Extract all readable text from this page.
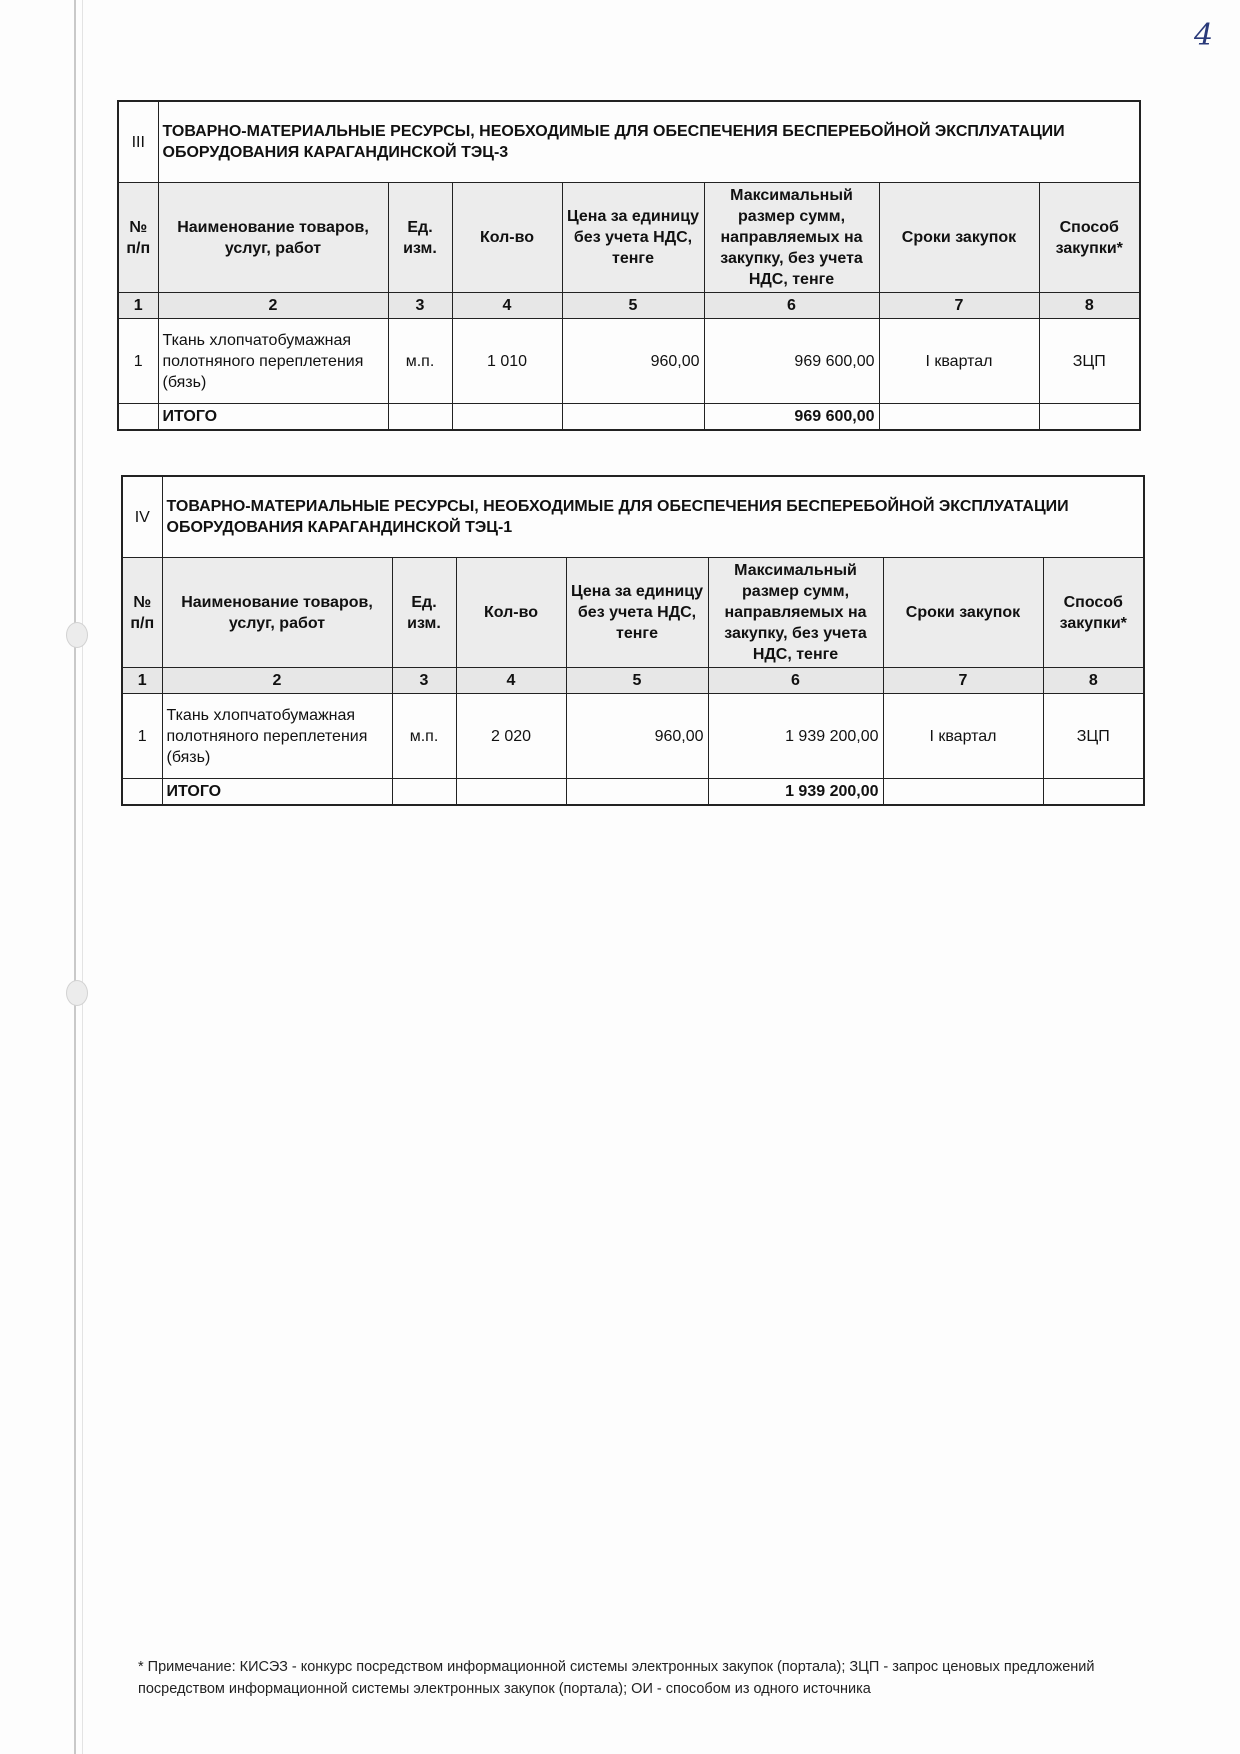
4
III	ТОВАРНО-МАТЕРИАЛЬНЫЕ РЕСУРСЫ, НЕОБХОДИМЫЕ ДЛЯ ОБЕСПЕЧЕНИЯ БЕСПЕРЕБОЙНОЙ ЭКСПЛУАТАЦИИ ОБОРУДОВАНИЯ КАРАГАНДИНСКОЙ ТЭЦ-3						
№ п/п	Наименование товаров, услуг, работ	Ед. изм.	Кол-во	Цена за единицу без учета НДС, тенге	Максимальный размер сумм, направляемых на закупку, без учета НДС, тенге	Сроки закупок	Способ закупки*
1	2	3	4	5	6	7	8
1	Ткань хлопчатобумажная полотняного переплетения (бязь)	м.п.	1 010	960,00	969 600,00	I квартал	ЗЦП
	ИТОГО				969 600,00		
IV	ТОВАРНО-МАТЕРИАЛЬНЫЕ РЕСУРСЫ, НЕОБХОДИМЫЕ ДЛЯ ОБЕСПЕЧЕНИЯ БЕСПЕРЕБОЙНОЙ ЭКСПЛУАТАЦИИ ОБОРУДОВАНИЯ КАРАГАНДИНСКОЙ ТЭЦ-1						
№ п/п	Наименование товаров, услуг, работ	Ед. изм.	Кол-во	Цена за единицу без учета НДС, тенге	Максимальный размер сумм, направляемых на закупку, без учета НДС, тенге	Сроки закупок	Способ закупки*
1	2	3	4	5	6	7	8
1	Ткань хлопчатобумажная полотняного переплетения (бязь)	м.п.	2 020	960,00	1 939 200,00	I квартал	ЗЦП
	ИТОГО				1 939 200,00		
* Примечание: КИСЭЗ - конкурс посредством информационной системы электронных закупок (портала); ЗЦП - запрос ценовых предложений посредством информационной системы электронных закупок (портала); ОИ - способом из одного источника
